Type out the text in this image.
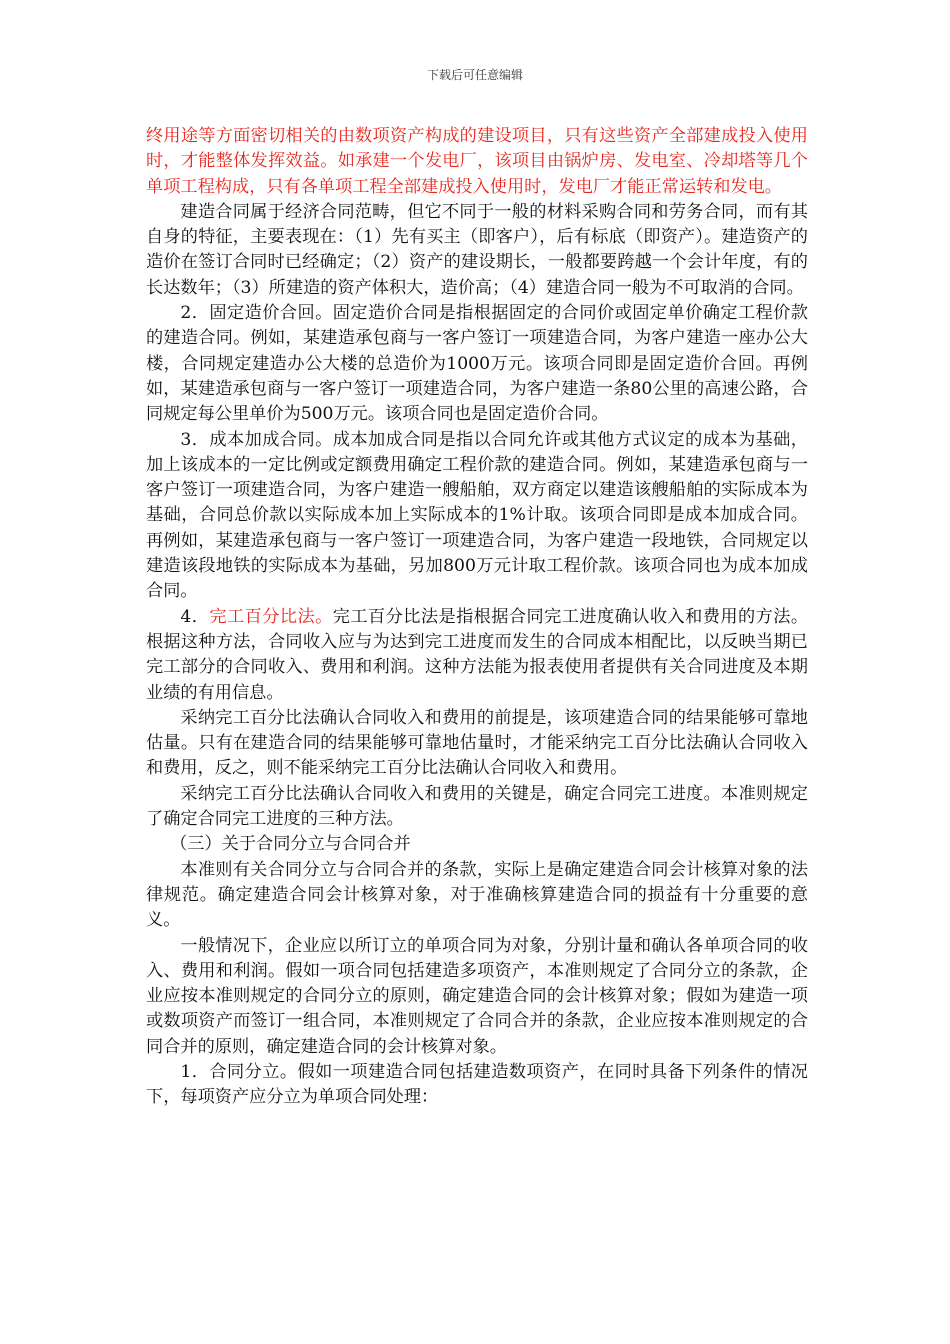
下载后可任意编辑

终用途等方面密切相关的由数项资产构成的建设项目，只有这些资产全部建成投入使用时，才能整体发挥效益。如承建一个发电厂，该项目由锅炉房、发电室、冷却塔等几个单项工程构成，只有各单项工程全部建成投入使用时，发电厂才能正常运转和发电。

建造合同属于经济合同范畴，但它不同于一般的材料采购合同和劳务合同，而有其自身的特征，主要表现在：（1）先有买主（即客户），后有标底（即资产）。建造资产的造价在签订合同时已经确定；（2）资产的建设期长，一般都要跨越一个会计年度，有的长达数年；（3）所建造的资产体积大，造价高；（4）建造合同一般为不可取消的合同。

2．固定造价合回。固定造价合同是指根据固定的合同价或固定单价确定工程价款的建造合同。例如，某建造承包商与一客户签订一项建造合同，为客户建造一座办公大楼，合同规定建造办公大楼的总造价为1000万元。该项合同即是固定造价合回。再例如，某建造承包商与一客户签订一项建造合同，为客户建造一条80公里的高速公路，合同规定每公里单价为500万元。该项合同也是固定造价合同。

3．成本加成合同。成本加成合同是指以合同允许或其他方式议定的成本为基础，加上该成本的一定比例或定额费用确定工程价款的建造合同。例如，某建造承包商与一客户签订一项建造合同，为客户建造一艘船舶，双方商定以建造该艘船舶的实际成本为基础，合同总价款以实际成本加上实际成本的1%计取。该项合同即是成本加成合同。再例如，某建造承包商与一客户签订一项建造合同，为客户建造一段地铁，合同规定以建造该段地铁的实际成本为基础，另加800万元计取工程价款。该项合同也为成本加成合同。

4．完工百分比法。完工百分比法是指根据合同完工进度确认收入和费用的方法。根据这种方法，合同收入应与为达到完工进度而发生的合同成本相配比，以反映当期已完工部分的合同收入、费用和利润。这种方法能为报表使用者提供有关合同进度及本期业绩的有用信息。

采纳完工百分比法确认合同收入和费用的前提是，该项建造合同的结果能够可靠地估量。只有在建造合同的结果能够可靠地估量时，才能采纳完工百分比法确认合同收入和费用，反之，则不能采纳完工百分比法确认合同收入和费用。

采纳完工百分比法确认合同收入和费用的关键是，确定合同完工进度。本准则规定了确定合同完工进度的三种方法。

（三）关于合同分立与合同合并

本准则有关合同分立与合同合并的条款，实际上是确定建造合同会计核算对象的法律规范。确定建造合同会计核算对象，对于准确核算建造合同的损益有十分重要的意义。

一般情况下，企业应以所订立的单项合同为对象，分别计量和确认各单项合同的收入、费用和利润。假如一项合同包括建造多项资产，本准则规定了合同分立的条款，企业应按本准则规定的合同分立的原则，确定建造合同的会计核算对象；假如为建造一项或数项资产而签订一组合同，本准则规定了合同合并的条款，企业应按本准则规定的合同合并的原则，确定建造合同的会计核算对象。

1．合同分立。假如一项建造合同包括建造数项资产，在同时具备下列条件的情况下，每项资产应分立为单项合同处理：
